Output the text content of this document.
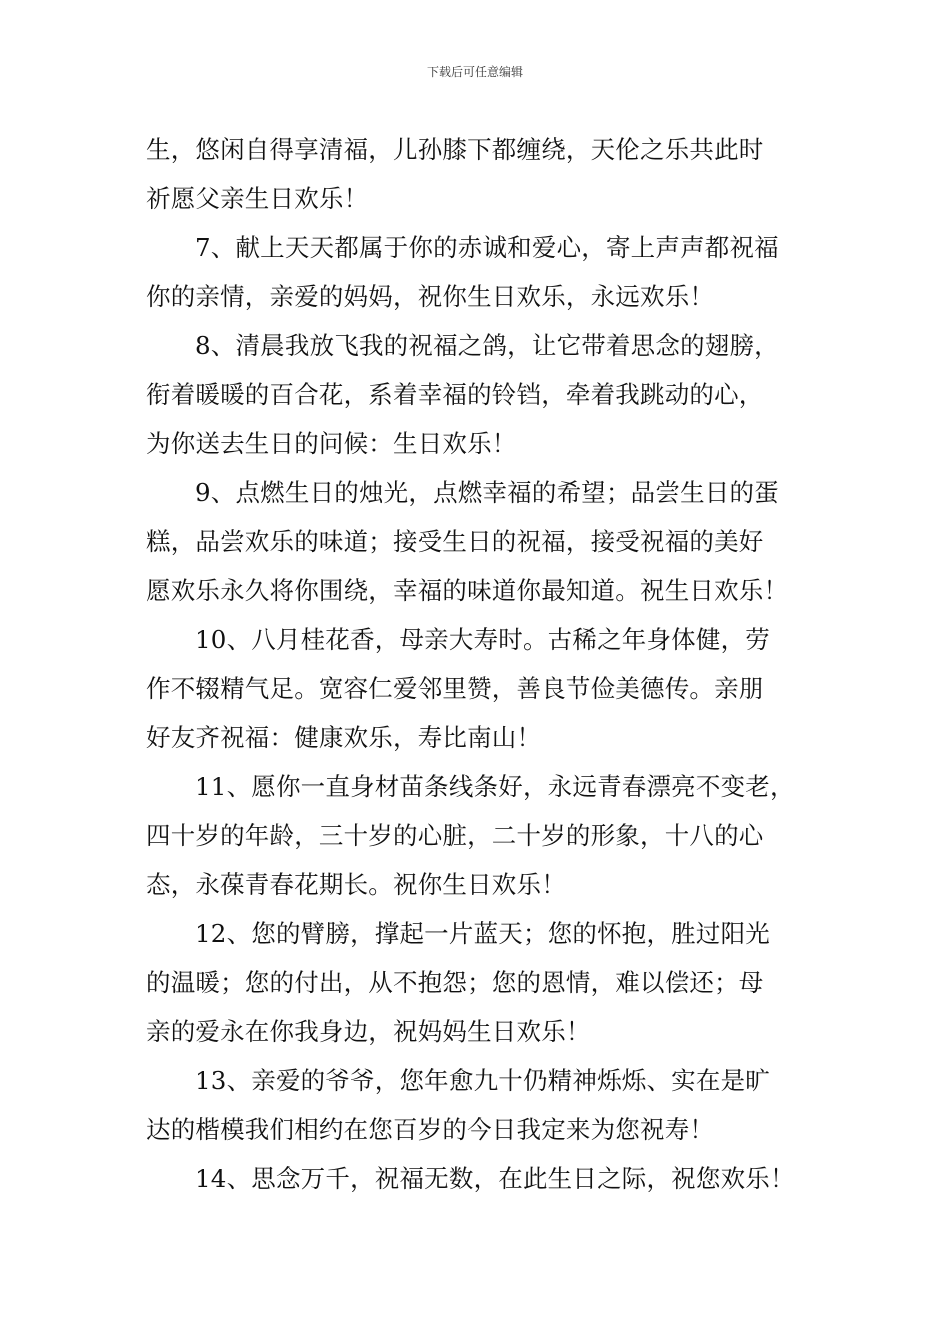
下载后可任意编辑
生，悠闲自得享清福，儿孙膝下都缠绕，天伦之乐共此时
祈愿父亲生日欢乐！
7、献上天天都属于你的赤诚和爱心，寄上声声都祝福
你的亲情，亲爱的妈妈，祝你生日欢乐，永远欢乐！
8、清晨我放飞我的祝福之鸽，让它带着思念的翅膀，
衔着暖暖的百合花，系着幸福的铃铛，牵着我跳动的心，
为你送去生日的问候：生日欢乐！
9、点燃生日的烛光，点燃幸福的希望；品尝生日的蛋
糕，品尝欢乐的味道；接受生日的祝福，接受祝福的美好
愿欢乐永久将你围绕，幸福的味道你最知道。祝生日欢乐！
10、八月桂花香，母亲大寿时。古稀之年身体健，劳
作不辍精气足。宽容仁爱邻里赞，善良节俭美德传。亲朋
好友齐祝福：健康欢乐，寿比南山！
11、愿你一直身材苗条线条好，永远青春漂亮不变老，
四十岁的年龄，三十岁的心脏，二十岁的形象，十八的心
态，永葆青春花期长。祝你生日欢乐！
12、您的臂膀，撑起一片蓝天；您的怀抱，胜过阳光
的温暖；您的付出，从不抱怨；您的恩情，难以偿还；母
亲的爱永在你我身边，祝妈妈生日欢乐！
13、亲爱的爷爷，您年愈九十仍精神烁烁、实在是旷
达的楷模我们相约在您百岁的今日我定来为您祝寿！
14、思念万千，祝福无数，在此生日之际，祝您欢乐！
